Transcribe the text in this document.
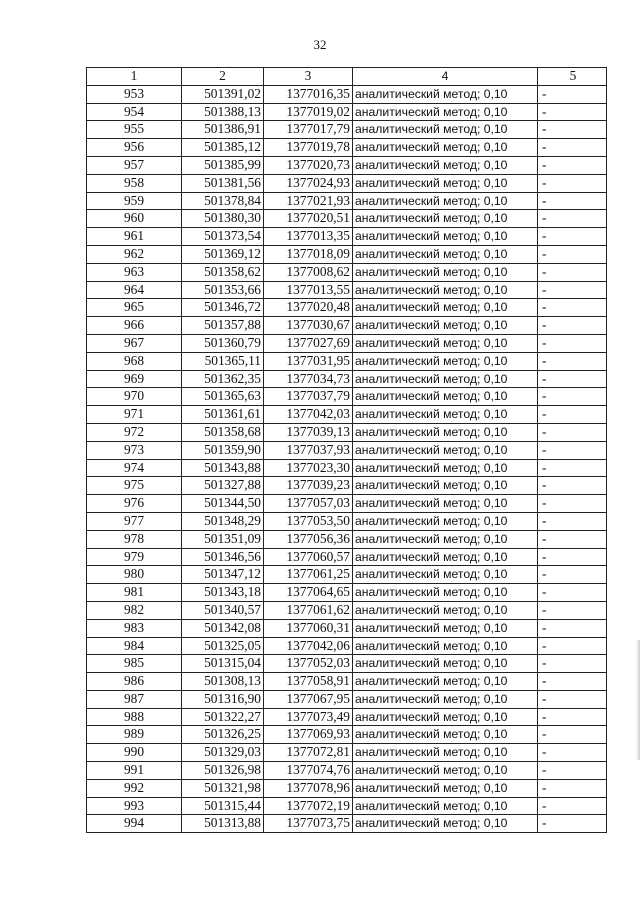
32
1	2	3	4	5
953	501391,02	1377016,35	аналитический метод; 0,10	-
954	501388,13	1377019,02	аналитический метод; 0,10	-
955	501386,91	1377017,79	аналитический метод; 0,10	-
956	501385,12	1377019,78	аналитический метод; 0,10	-
957	501385,99	1377020,73	аналитический метод; 0,10	-
958	501381,56	1377024,93	аналитический метод; 0,10	-
959	501378,84	1377021,93	аналитический метод; 0,10	-
960	501380,30	1377020,51	аналитический метод; 0,10	-
961	501373,54	1377013,35	аналитический метод; 0,10	-
962	501369,12	1377018,09	аналитический метод; 0,10	-
963	501358,62	1377008,62	аналитический метод; 0,10	-
964	501353,66	1377013,55	аналитический метод; 0,10	-
965	501346,72	1377020,48	аналитический метод; 0,10	-
966	501357,88	1377030,67	аналитический метод; 0,10	-
967	501360,79	1377027,69	аналитический метод; 0,10	-
968	501365,11	1377031,95	аналитический метод; 0,10	-
969	501362,35	1377034,73	аналитический метод; 0,10	-
970	501365,63	1377037,79	аналитический метод; 0,10	-
971	501361,61	1377042,03	аналитический метод; 0,10	-
972	501358,68	1377039,13	аналитический метод; 0,10	-
973	501359,90	1377037,93	аналитический метод; 0,10	-
974	501343,88	1377023,30	аналитический метод; 0,10	-
975	501327,88	1377039,23	аналитический метод; 0,10	-
976	501344,50	1377057,03	аналитический метод; 0,10	-
977	501348,29	1377053,50	аналитический метод; 0,10	-
978	501351,09	1377056,36	аналитический метод; 0,10	-
979	501346,56	1377060,57	аналитический метод; 0,10	-
980	501347,12	1377061,25	аналитический метод; 0,10	-
981	501343,18	1377064,65	аналитический метод; 0,10	-
982	501340,57	1377061,62	аналитический метод; 0,10	-
983	501342,08	1377060,31	аналитический метод; 0,10	-
984	501325,05	1377042,06	аналитический метод; 0,10	-
985	501315,04	1377052,03	аналитический метод; 0,10	-
986	501308,13	1377058,91	аналитический метод; 0,10	-
987	501316,90	1377067,95	аналитический метод; 0,10	-
988	501322,27	1377073,49	аналитический метод; 0,10	-
989	501326,25	1377069,93	аналитический метод; 0,10	-
990	501329,03	1377072,81	аналитический метод; 0,10	-
991	501326,98	1377074,76	аналитический метод; 0,10	-
992	501321,98	1377078,96	аналитический метод; 0,10	-
993	501315,44	1377072,19	аналитический метод; 0,10	-
994	501313,88	1377073,75	аналитический метод; 0,10	-
